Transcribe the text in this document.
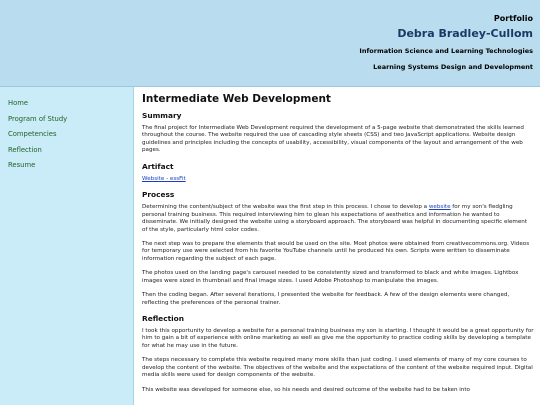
Portfolio
Debra Bradley-Cullom
Information Science and Learning Technologies
Learning Systems Design and Development
Home
Program of Study
Competencies
Reflection
Resume
Intermediate Web Development
Summary

The final project for Intermediate Web Development required the development of a 5-page website that demonstrated the skills learned throughout the course. The website required the use of cascading style sheets (CSS) and two JavaScript applications. Website design guidelines and principles including the concepts of usability, accessibility, visual components of the layout and arrangement of the web pages.

Artifact

Website - essFit

Process

Determining the content/subject of the website was the first step in this process. I chose to develop a website for my son's fledgling personal training business. This required interviewing him to glean his expectations of aesthetics and information he wanted to disseminate. We initially designed the website using a storyboard approach. The storyboard was helpful in documenting specific element of the style, particularly html color codes.

The next step was to prepare the elements that would be used on the site. Most photos were obtained from creativecommons.org. Videos for temporary use were selected from his favorite YouTube channels until he produced his own. Scripts were written to disseminate information regarding the subject of each page.

The photos used on the landing page's carousel needed to be consistently sized and transformed to black and white images. Lightbox images were sized in thumbnail and final image sizes. I used Adobe Photoshop to manipulate the images.

Then the coding began. After several iterations, I presented the website for feedback. A few of the design elements were changed, reflecting the preferences of the personal trainer.

Reflection

I took this opportunity to develop a website for a personal training business my son is starting. I thought it would be a great opportunity for him to gain a bit of experience with online marketing as well as give me the opportunity to practice coding skills by developing a template for what he may use in the future.

The steps necessary to complete this website required many more skills than just coding. I used elements of many of my core courses to develop the content of the website. The objectives of the website and the expectations of the content of the website required input. Digital media skills were used for design components of the website.

This website was developed for someone else, so his needs and desired outcome of the website had to be taken into
